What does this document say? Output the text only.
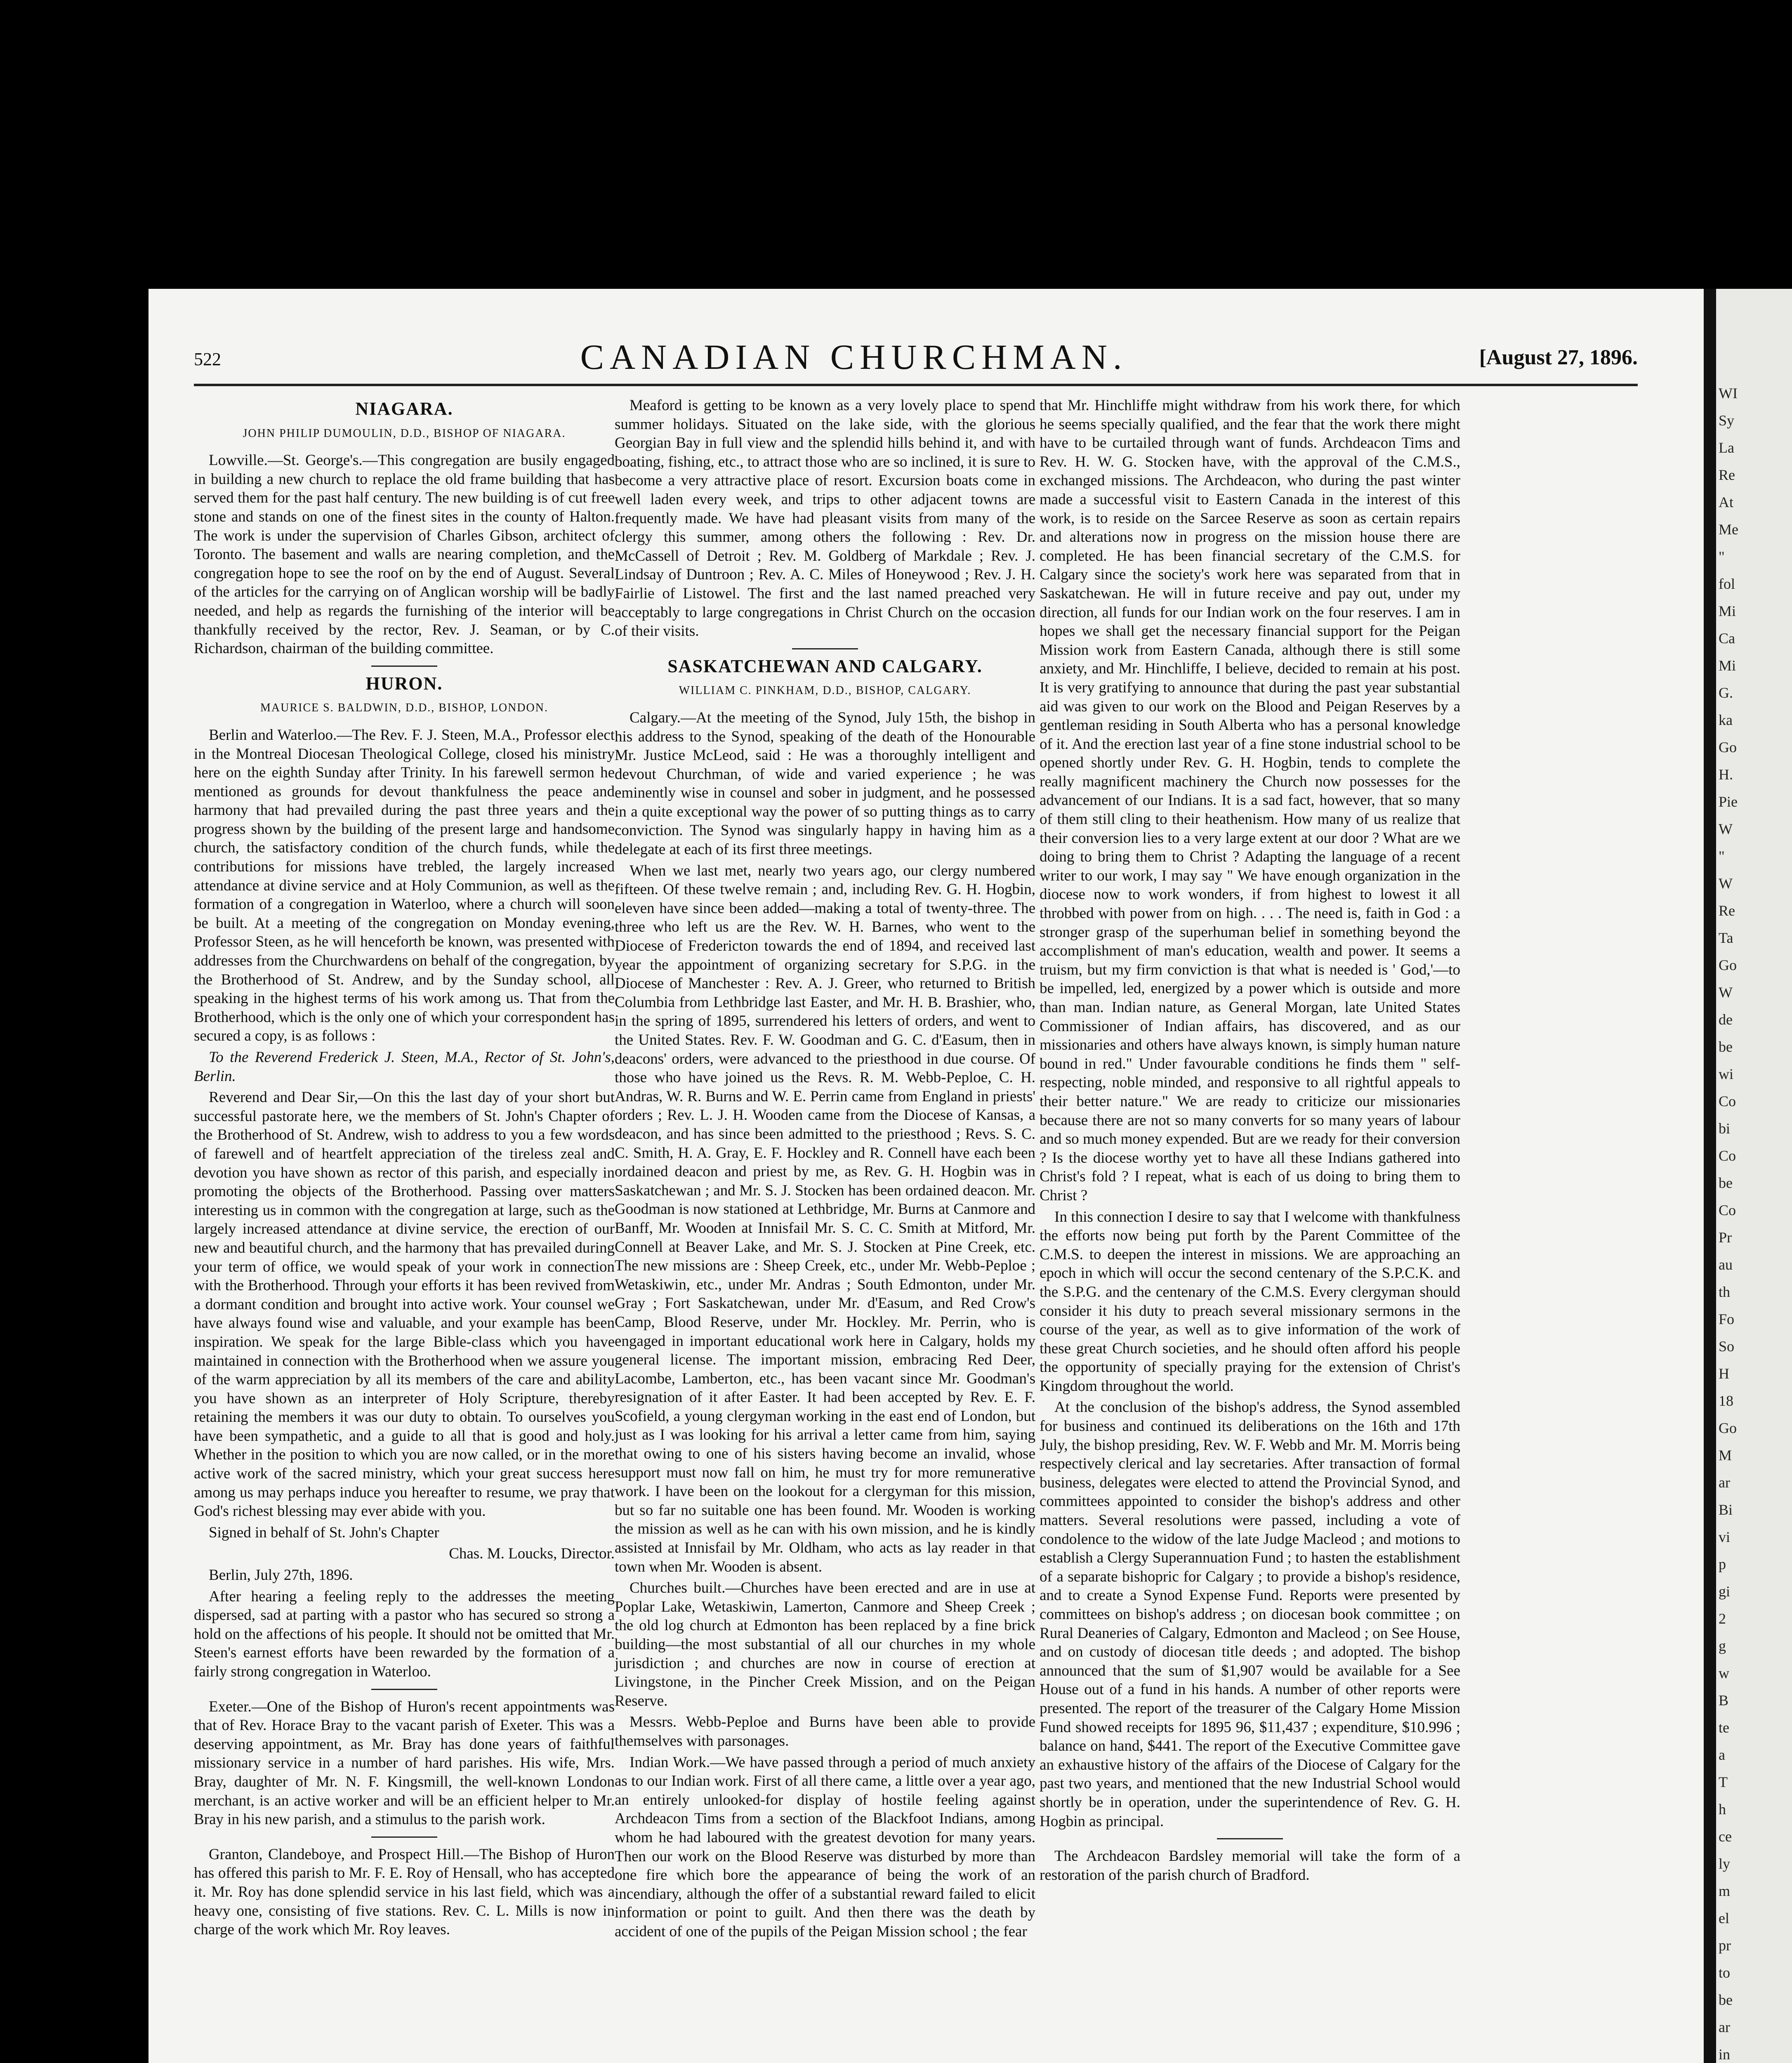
WI
Sy
La
Re
At
Me
"
fol
Mi
Ca
Mi
G.
ka
Go
H.
Pie
W
"
W
Re
Ta
Go
W
de
be
wi
Co
bi
Co
be
Co
Pr
au
th
Fo
So
H
18
Go
M
ar
Bi
vi
p
gi
2
g
w
B
te
a
T
h
ce
ly
m
el
pr
to
be
ar
in
522	CANADIAN CHURCHMAN.	[August 27, 1896.
NIAGARA.
JOHN PHILIP DUMOULIN, D.D., BISHOP OF NIAGARA.

Lowville.—St. George's.—This congregation are busily engaged in building a new church to replace the old frame building that has served them for the past half century. The new building is of cut free stone and stands on one of the finest sites in the county of Halton. The work is under the supervision of Charles Gibson, architect of Toronto. The basement and walls are nearing completion, and the congregation hope to see the roof on by the end of August. Several of the articles for the carrying on of Anglican worship will be badly needed, and help as regards the furnishing of the interior will be thankfully received by the rector, Rev. J. Seaman, or by C. Richardson, chairman of the building committee.

HURON.
MAURICE S. BALDWIN, D.D., BISHOP, LONDON.

Berlin and Waterloo.—The Rev. F. J. Steen, M.A., Professor elect in the Montreal Diocesan Theological College, closed his ministry here on the eighth Sunday after Trinity. In his farewell sermon he mentioned as grounds for devout thankfulness the peace and harmony that had prevailed during the past three years and the progress shown by the building of the present large and handsome church, the satisfactory condition of the church funds, while the contributions for missions have trebled, the largely increased attendance at divine service and at Holy Communion, as well as the formation of a congregation in Waterloo, where a church will soon be built. At a meeting of the congregation on Monday evening, Professor Steen, as he will henceforth be known, was presented with addresses from the Churchwardens on behalf of the congregation, by the Brotherhood of St. Andrew, and by the Sunday school, all speaking in the highest terms of his work among us. That from the Brotherhood, which is the only one of which your correspondent has secured a copy, is as follows :

To the Reverend Frederick J. Steen, M.A., Rector of St. John's, Berlin.

Reverend and Dear Sir,—On this the last day of your short but successful pastorate here, we the members of St. John's Chapter of the Brotherhood of St. Andrew, wish to address to you a few words of farewell and of heartfelt appreciation of the tireless zeal and devotion you have shown as rector of this parish, and especially in promoting the objects of the Brotherhood. Passing over matters interesting us in common with the congregation at large, such as the largely increased attendance at divine service, the erection of our new and beautiful church, and the harmony that has prevailed during your term of office, we would speak of your work in connection with the Brotherhood. Through your efforts it has been revived from a dormant condition and brought into active work. Your counsel we have always found wise and valuable, and your example has been inspiration. We speak for the large Bible-class which you have maintained in connection with the Brotherhood when we assure you of the warm appreciation by all its members of the care and ability you have shown as an interpreter of Holy Scripture, thereby retaining the members it was our duty to obtain. To ourselves you have been sympathetic, and a guide to all that is good and holy. Whether in the position to which you are now called, or in the more active work of the sacred ministry, which your great success here among us may perhaps induce you hereafter to resume, we pray that God's richest blessing may ever abide with you.

Signed in behalf of St. John's Chapter

Chas. M. Loucks, Director.

Berlin, July 27th, 1896.

After hearing a feeling reply to the addresses the meeting dispersed, sad at parting with a pastor who has secured so strong a hold on the affections of his people. It should not be omitted that Mr. Steen's earnest efforts have been rewarded by the formation of a fairly strong congregation in Waterloo.

Exeter.—One of the Bishop of Huron's recent appointments was that of Rev. Horace Bray to the vacant parish of Exeter. This was a deserving appointment, as Mr. Bray has done years of faithful missionary service in a number of hard parishes. His wife, Mrs. Bray, daughter of Mr. N. F. Kingsmill, the well-known London merchant, is an active worker and will be an efficient helper to Mr. Bray in his new parish, and a stimulus to the parish work.

Granton, Clandeboye, and Prospect Hill.—The Bishop of Huron has offered this parish to Mr. F. E. Roy of Hensall, who has accepted it. Mr. Roy has done splendid service in his last field, which was a heavy one, consisting of five stations. Rev. C. L. Mills is now in charge of the work which Mr. Roy leaves.

Meaford is getting to be known as a very lovely place to spend summer holidays. Situated on the lake side, with the glorious Georgian Bay in full view and the splendid hills behind it, and with boating, fishing, etc., to attract those who are so inclined, it is sure to become a very attractive place of resort. Excursion boats come in well laden every week, and trips to other adjacent towns are frequently made. We have had pleasant visits from many of the clergy this summer, among others the following : Rev. Dr. McCassell of Detroit ; Rev. M. Goldberg of Markdale ; Rev. J. Lindsay of Duntroon ; Rev. A. C. Miles of Honeywood ; Rev. J. H. Fairlie of Listowel. The first and the last named preached very acceptably to large congregations in Christ Church on the occasion of their visits.

SASKATCHEWAN AND CALGARY.
WILLIAM C. PINKHAM, D.D., BISHOP, CALGARY.

Calgary.—At the meeting of the Synod, July 15th, the bishop in his address to the Synod, speaking of the death of the Honourable Mr. Justice McLeod, said : He was a thoroughly intelligent and devout Churchman, of wide and varied experience ; he was eminently wise in counsel and sober in judgment, and he possessed in a quite exceptional way the power of so putting things as to carry conviction. The Synod was singularly happy in having him as a delegate at each of its first three meetings.

When we last met, nearly two years ago, our clergy numbered fifteen. Of these twelve remain ; and, including Rev. G. H. Hogbin, eleven have since been added—making a total of twenty-three. The three who left us are the Rev. W. H. Barnes, who went to the Diocese of Fredericton towards the end of 1894, and received last year the appointment of organizing secretary for S.P.G. in the Diocese of Manchester : Rev. A. J. Greer, who returned to British Columbia from Lethbridge last Easter, and Mr. H. B. Brashier, who, in the spring of 1895, surrendered his letters of orders, and went to the United States. Rev. F. W. Goodman and G. C. d'Easum, then in deacons' orders, were advanced to the priesthood in due course. Of those who have joined us the Revs. R. M. Webb-Peploe, C. H. Andras, W. R. Burns and W. E. Perrin came from England in priests' orders ; Rev. L. J. H. Wooden came from the Diocese of Kansas, a deacon, and has since been admitted to the priesthood ; Revs. S. C. C. Smith, H. A. Gray, E. F. Hockley and R. Connell have each been ordained deacon and priest by me, as Rev. G. H. Hogbin was in Saskatchewan ; and Mr. S. J. Stocken has been ordained deacon. Mr. Goodman is now stationed at Lethbridge, Mr. Burns at Canmore and Banff, Mr. Wooden at Innisfail Mr. S. C. C. Smith at Mitford, Mr. Connell at Beaver Lake, and Mr. S. J. Stocken at Pine Creek, etc. The new missions are : Sheep Creek, etc., under Mr. Webb-Peploe ; Wetaskiwin, etc., under Mr. Andras ; South Edmonton, under Mr. Gray ; Fort Saskatchewan, under Mr. d'Easum, and Red Crow's Camp, Blood Reserve, under Mr. Hockley. Mr. Perrin, who is engaged in important educational work here in Calgary, holds my general license. The important mission, embracing Red Deer, Lacombe, Lamberton, etc., has been vacant since Mr. Goodman's resignation of it after Easter. It had been accepted by Rev. E. F. Scofield, a young clergyman working in the east end of London, but just as I was looking for his arrival a letter came from him, saying that owing to one of his sisters having become an invalid, whose support must now fall on him, he must try for more remunerative work. I have been on the lookout for a clergyman for this mission, but so far no suitable one has been found. Mr. Wooden is working the mission as well as he can with his own mission, and he is kindly assisted at Innisfail by Mr. Oldham, who acts as lay reader in that town when Mr. Wooden is absent.

Churches built.—Churches have been erected and are in use at Poplar Lake, Wetaskiwin, Lamerton, Canmore and Sheep Creek ; the old log church at Edmonton has been replaced by a fine brick building—the most substantial of all our churches in my whole jurisdiction ; and churches are now in course of erection at Livingstone, in the Pincher Creek Mission, and on the Peigan Reserve.

Messrs. Webb-Peploe and Burns have been able to provide themselves with parsonages.

Indian Work.—We have passed through a period of much anxiety as to our Indian work. First of all there came, a little over a year ago, an entirely unlooked-for display of hostile feeling against Archdeacon Tims from a section of the Blackfoot Indians, among whom he had laboured with the greatest devotion for many years. Then our work on the Blood Reserve was disturbed by more than one fire which bore the appearance of being the work of an incendiary, although the offer of a substantial reward failed to elicit information or point to guilt. And then there was the death by accident of one of the pupils of the Peigan Mission school ; the fear

that Mr. Hinchliffe might withdraw from his work there, for which he seems specially qualified, and the fear that the work there might have to be curtailed through want of funds. Archdeacon Tims and Rev. H. W. G. Stocken have, with the approval of the C.M.S., exchanged missions. The Archdeacon, who during the past winter made a successful visit to Eastern Canada in the interest of this work, is to reside on the Sarcee Reserve as soon as certain repairs and alterations now in progress on the mission house there are completed. He has been financial secretary of the C.M.S. for Calgary since the society's work here was separated from that in Saskatchewan. He will in future receive and pay out, under my direction, all funds for our Indian work on the four reserves. I am in hopes we shall get the necessary financial support for the Peigan Mission work from Eastern Canada, although there is still some anxiety, and Mr. Hinchliffe, I believe, decided to remain at his post. It is very gratifying to announce that during the past year substantial aid was given to our work on the Blood and Peigan Reserves by a gentleman residing in South Alberta who has a personal knowledge of it. And the erection last year of a fine stone industrial school to be opened shortly under Rev. G. H. Hogbin, tends to complete the really magnificent machinery the Church now possesses for the advancement of our Indians. It is a sad fact, however, that so many of them still cling to their heathenism. How many of us realize that their conversion lies to a very large extent at our door ? What are we doing to bring them to Christ ? Adapting the language of a recent writer to our work, I may say " We have enough organization in the diocese now to work wonders, if from highest to lowest it all throbbed with power from on high. . . . The need is, faith in God : a stronger grasp of the superhuman belief in something beyond the accomplishment of man's education, wealth and power. It seems a truism, but my firm conviction is that what is needed is ' God,'—to be impelled, led, energized by a power which is outside and more than man. Indian nature, as General Morgan, late United States Commissioner of Indian affairs, has discovered, and as our missionaries and others have always known, is simply human nature bound in red." Under favourable conditions he finds them " self-respecting, noble minded, and responsive to all rightful appeals to their better nature." We are ready to criticize our missionaries because there are not so many converts for so many years of labour and so much money expended. But are we ready for their conversion ? Is the diocese worthy yet to have all these Indians gathered into Christ's fold ? I repeat, what is each of us doing to bring them to Christ ?

In this connection I desire to say that I welcome with thankfulness the efforts now being put forth by the Parent Committee of the C.M.S. to deepen the interest in missions. We are approaching an epoch in which will occur the second centenary of the S.P.C.K. and the S.P.G. and the centenary of the C.M.S. Every clergyman should consider it his duty to preach several missionary sermons in the course of the year, as well as to give information of the work of these great Church societies, and he should often afford his people the opportunity of specially praying for the extension of Christ's Kingdom throughout the world.

At the conclusion of the bishop's address, the Synod assembled for business and continued its deliberations on the 16th and 17th July, the bishop presiding, Rev. W. F. Webb and Mr. M. Morris being respectively clerical and lay secretaries. After transaction of formal business, delegates were elected to attend the Provincial Synod, and committees appointed to consider the bishop's address and other matters. Several resolutions were passed, including a vote of condolence to the widow of the late Judge Macleod ; and motions to establish a Clergy Superannuation Fund ; to hasten the establishment of a separate bishopric for Calgary ; to provide a bishop's residence, and to create a Synod Expense Fund. Reports were presented by committees on bishop's address ; on diocesan book committee ; on Rural Deaneries of Calgary, Edmonton and Macleod ; on See House, and on custody of diocesan title deeds ; and adopted. The bishop announced that the sum of $1,907 would be available for a See House out of a fund in his hands. A number of other reports were presented. The report of the treasurer of the Calgary Home Mission Fund showed receipts for 1895 96, $11,437 ; expenditure, $10.996 ; balance on hand, $441. The report of the Executive Committee gave an exhaustive history of the affairs of the Diocese of Calgary for the past two years, and mentioned that the new Industrial School would shortly be in operation, under the superintendence of Rev. G. H. Hogbin as principal.

The Archdeacon Bardsley memorial will take the form of a restoration of the parish church of Bradford.
